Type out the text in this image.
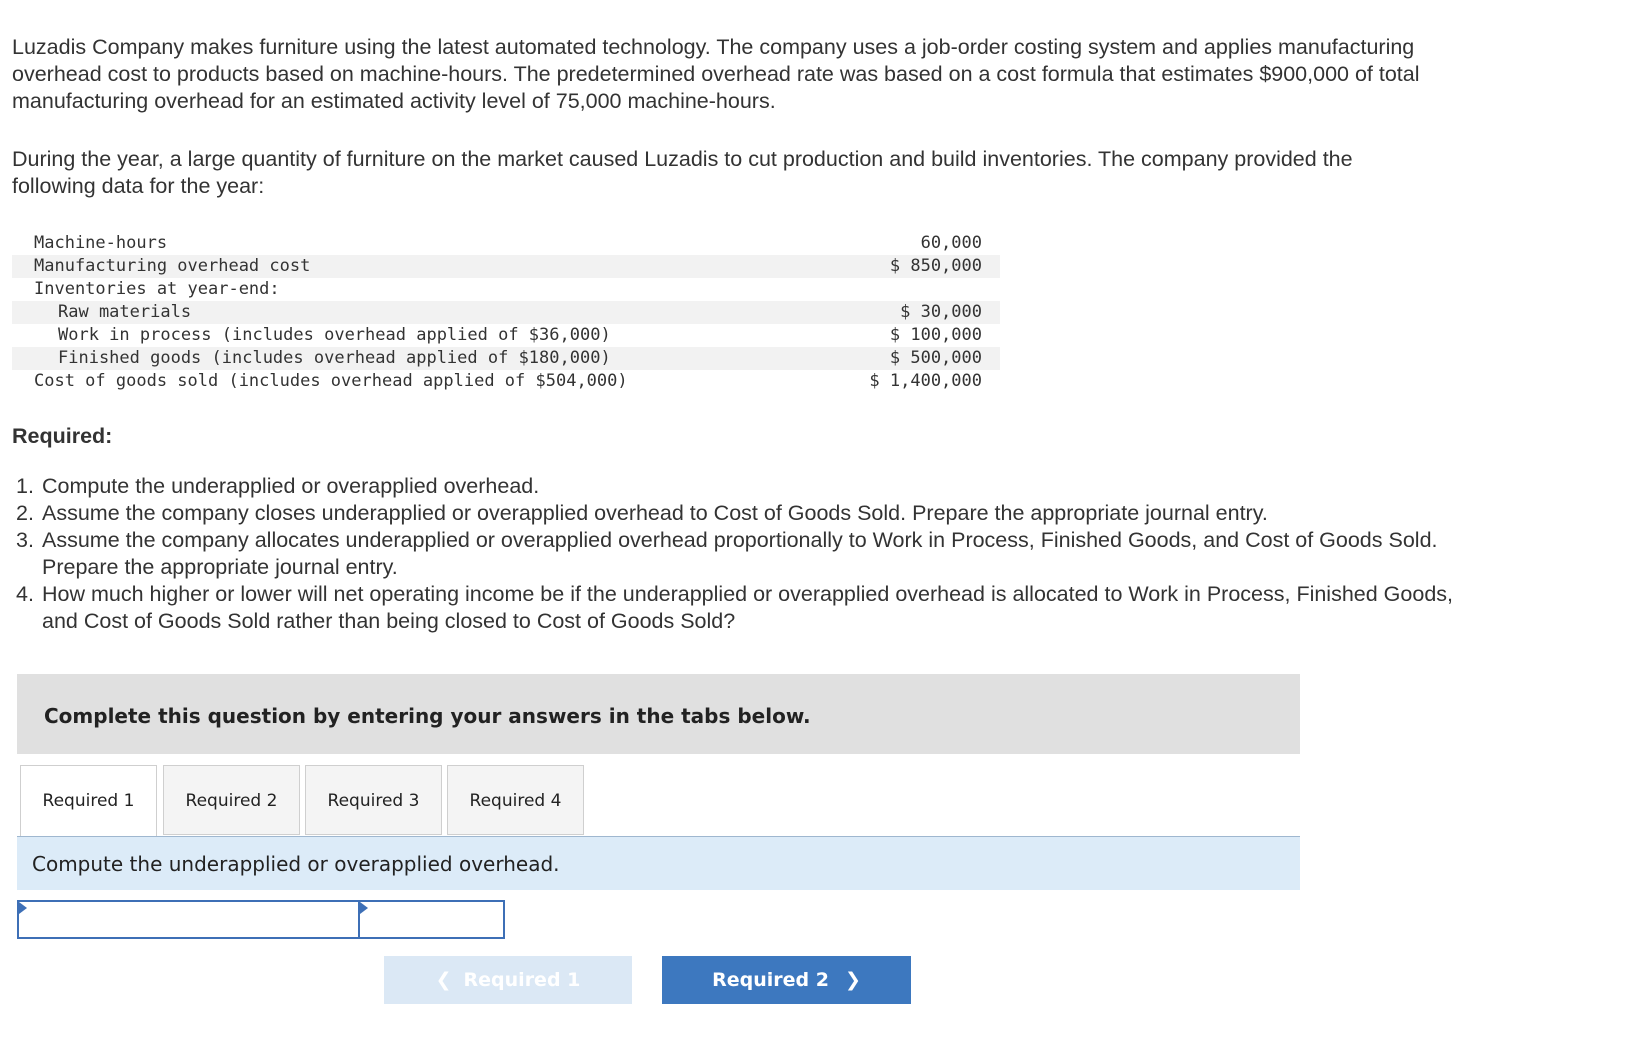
Luzadis Company makes furniture using the latest automated technology. The company uses a job-order costing system and applies manufacturing overhead cost to products based on machine-hours. The predetermined overhead rate was based on a cost formula that estimates $900,000 of total manufacturing overhead for an estimated activity level of 75,000 machine-hours.

During the year, a large quantity of furniture on the market caused Luzadis to cut production and build inventories. The company provided the following data for the year:

Machine-hours	60,000
Manufacturing overhead cost	$ 850,000
Inventories at year-end:
Raw materials	$ 30,000
Work in process (includes overhead applied of $36,000)	$ 100,000
Finished goods (includes overhead applied of $180,000)	$ 500,000
Cost of goods sold (includes overhead applied of $504,000)	$ 1,400,000

Required:

1. Compute the underapplied or overapplied overhead.
2. Assume the company closes underapplied or overapplied overhead to Cost of Goods Sold. Prepare the appropriate journal entry.
3. Assume the company allocates underapplied or overapplied overhead proportionally to Work in Process, Finished Goods, and Cost of Goods Sold. Prepare the appropriate journal entry.
4. How much higher or lower will net operating income be if the underapplied or overapplied overhead is allocated to Work in Process, Finished Goods, and Cost of Goods Sold rather than being closed to Cost of Goods Sold?
Complete this question by entering your answers in the tabs below.
Required 1	Required 2	Required 3	Required 4
Compute the underapplied or overapplied overhead.
❮ Required 1	Required 2 ❯
